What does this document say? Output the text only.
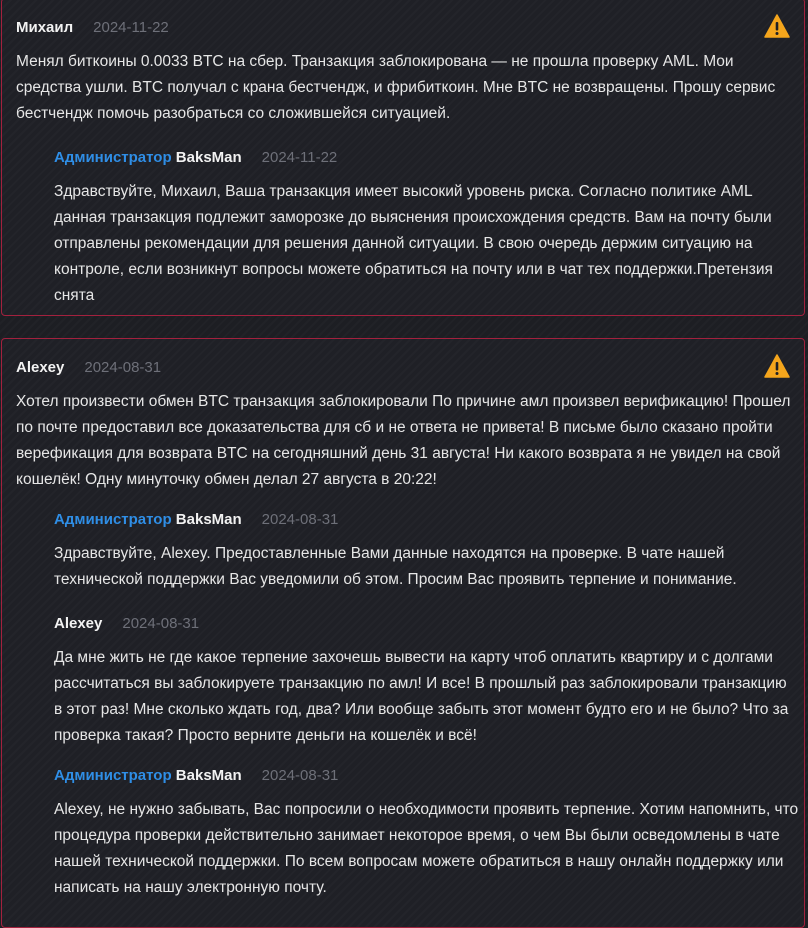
Михаил 2024-11-22

Менял биткоины 0.0033 BTC на сбер. Транзакция заблокирована — не прошла проверку AML. Мои средства ушли. BTC получал с крана бестчендж, и фрибиткоин. Мне BTC не возвращены. Прошу сервис бестчендж помочь разобраться со сложившейся ситуацией.

Администратор BaksMan 2024-11-22

Здравствуйте, Михаил, Ваша транзакция имеет высокий уровень риска. Согласно политике AML данная транзакция подлежит заморозке до выяснения происхождения средств. Вам на почту были отправлены рекомендации для решения данной ситуации. В свою очередь держим ситуацию на контроле, если возникнут вопросы можете обратиться на почту или в чат тех поддержки.Претензия снята

Alexey 2024-08-31

Хотел произвести обмен BTC транзакция заблокировали По причине амл произвел верификацию! Прошел по почте предоставил все доказательства для сб и не ответа не привета! В письме было сказано пройти верефикация для возврата BTC на сегодняшний день 31 августа! Ни какого возврата я не увидел на свой кошелёк! Одну минуточку обмен делал 27 августа в 20:22!

Администратор BaksMan 2024-08-31

Здравствуйте, Alexey. Предоставленные Вами данные находятся на проверке. В чате нашей технической поддержки Вас уведомили об этом. Просим Вас проявить терпение и понимание.

Alexey 2024-08-31

Да мне жить не где какое терпение захочешь вывести на карту чтоб оплатить квартиру и с долгами рассчитаться вы заблокируете транзакцию по амл! И все! В прошлый раз заблокировали транзакцию в этот раз! Мне сколько ждать год, два? Или вообще забыть этот момент будто его и не было? Что за проверка такая? Просто верните деньги на кошелёк и всё!

Администратор BaksMan 2024-08-31

Alexey, не нужно забывать, Вас попросили о необходимости проявить терпение. Хотим напомнить, что процедура проверки действительно занимает некоторое время, о чем Вы были осведомлены в чате нашей технической поддержки. По всем вопросам можете обратиться в нашу онлайн поддержку или написать на нашу электронную почту.
